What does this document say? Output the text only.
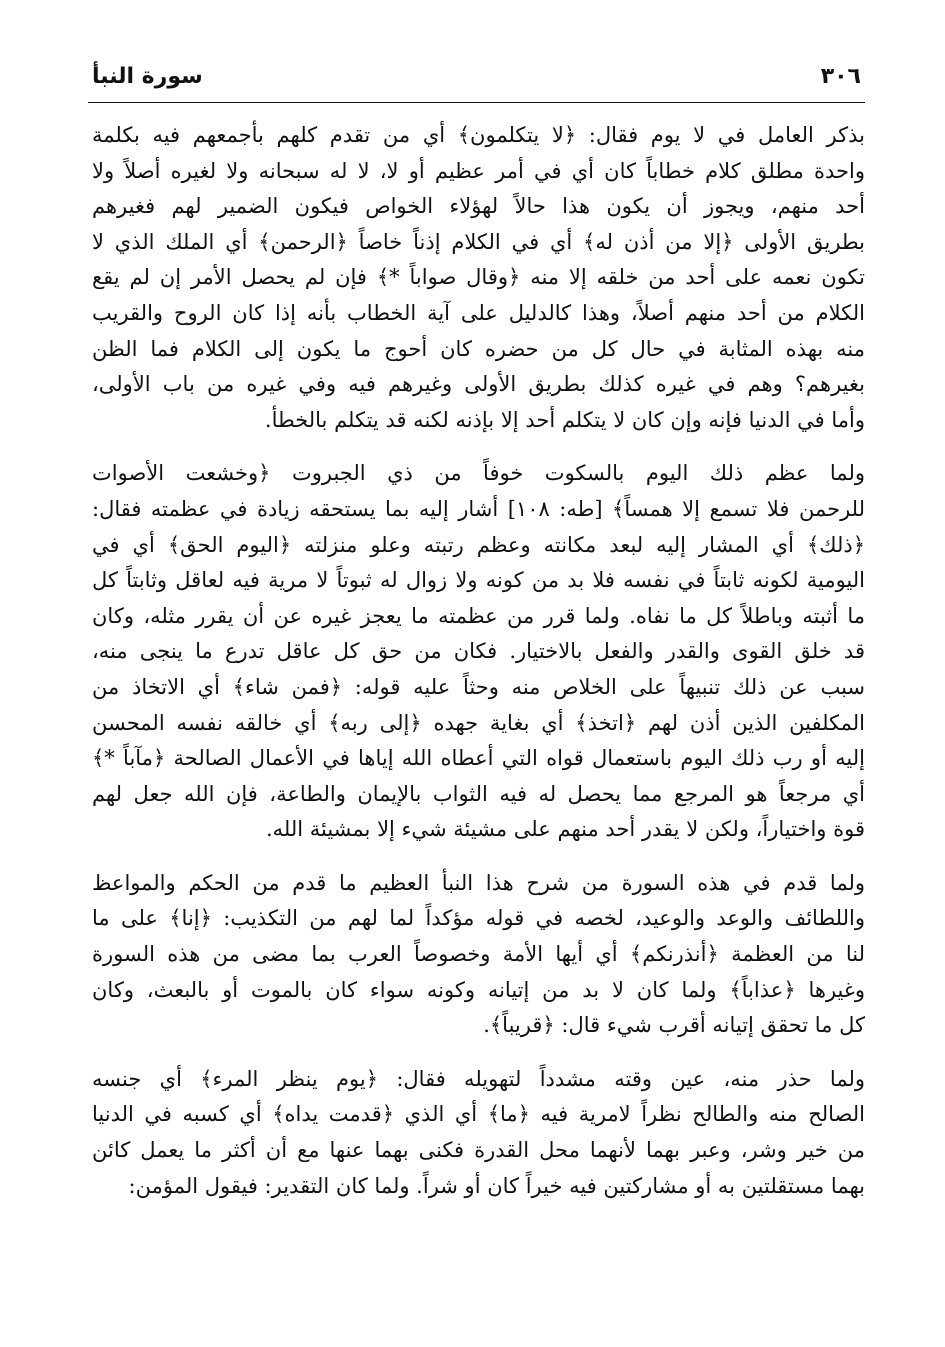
٣٠٦
سورة النبأ
بذكر العامل في لا يوم فقال: ﴿لا يتكلمون﴾ أي من تقدم كلهم بأجمعهم فيه بكلمة
واحدة مطلق كلام خطاباً كان أي في أمر عظيم أو لا، لا له سبحانه ولا لغيره أصلاً ولا
أحد منهم، ويجوز أن يكون هذا حالاً لهؤلاء الخواص فيكون الضمير لهم فغيرهم
بطريق الأولى ﴿إلا من أذن له﴾ أي في الكلام إذناً خاصاً ﴿الرحمن﴾ أي الملك الذي لا
تكون نعمه على أحد من خلقه إلا منه ﴿وقال صواباً *﴾ فإن لم يحصل الأمر إن لم يقع
الكلام من أحد منهم أصلاً، وهذا كالدليل على آية الخطاب بأنه إذا كان الروح والقريب
منه بهذه المثابة في حال كل من حضره كان أحوج ما يكون إلى الكلام فما الظن
بغيرهم؟ وهم في غيره كذلك بطريق الأولى وغيرهم فيه وفي غيره من باب الأولى،
وأما في الدنيا فإنه وإن كان لا يتكلم أحد إلا بإذنه لكنه قد يتكلم بالخطأ.
ولما عظم ذلك اليوم بالسكوت خوفاً من ذي الجبروت ﴿وخشعت الأصوات
للرحمن فلا تسمع إلا همساً﴾ [طه: ١٠٨] أشار إليه بما يستحقه زيادة في عظمته فقال:
﴿ذلك﴾ أي المشار إليه لبعد مكانته وعظم رتبته وعلو منزلته ﴿اليوم الحق﴾ أي في
اليومية لكونه ثابتاً في نفسه فلا بد من كونه ولا زوال له ثبوتاً لا مرية فيه لعاقل وثابتاً كل
ما أثبته وباطلاً كل ما نفاه. ولما قرر من عظمته ما يعجز غيره عن أن يقرر مثله، وكان
قد خلق القوى والقدر والفعل بالاختيار. فكان من حق كل عاقل تدرع ما ينجى منه،
سبب عن ذلك تنبيهاً على الخلاص منه وحثاً عليه قوله: ﴿فمن شاء﴾ أي الاتخاذ من
المكلفين الذين أذن لهم ﴿اتخذ﴾ أي بغاية جهده ﴿إلى ربه﴾ أي خالقه نفسه المحسن
إليه أو رب ذلك اليوم باستعمال قواه التي أعطاه الله إياها في الأعمال الصالحة ﴿مآباً *﴾
أي مرجعاً هو المرجع مما يحصل له فيه الثواب بالإيمان والطاعة، فإن الله جعل لهم
قوة واختياراً، ولكن لا يقدر أحد منهم على مشيئة شيء إلا بمشيئة الله.
ولما قدم في هذه السورة من شرح هذا النبأ العظيم ما قدم من الحكم والمواعظ
واللطائف والوعد والوعيد، لخصه في قوله مؤكداً لما لهم من التكذيب: ﴿إنا﴾ على ما
لنا من العظمة ﴿أنذرنكم﴾ أي أيها الأمة وخصوصاً العرب بما مضى من هذه السورة
وغيرها ﴿عذاباً﴾ ولما كان لا بد من إتيانه وكونه سواء كان بالموت أو بالبعث، وكان
كل ما تحقق إتيانه أقرب شيء قال: ﴿قريباً﴾.
ولما حذر منه، عين وقته مشدداً لتهويله فقال: ﴿يوم ينظر المرء﴾ أي جنسه
الصالح منه والطالح نظراً لامرية فيه ﴿ما﴾ أي الذي ﴿قدمت يداه﴾ أي كسبه في الدنيا
من خير وشر، وعبر بهما لأنهما محل القدرة فكنى بهما عنها مع أن أكثر ما يعمل كائن
بهما مستقلتين به أو مشاركتين فيه خيراً كان أو شراً. ولما كان التقدير: فيقول المؤمن:
